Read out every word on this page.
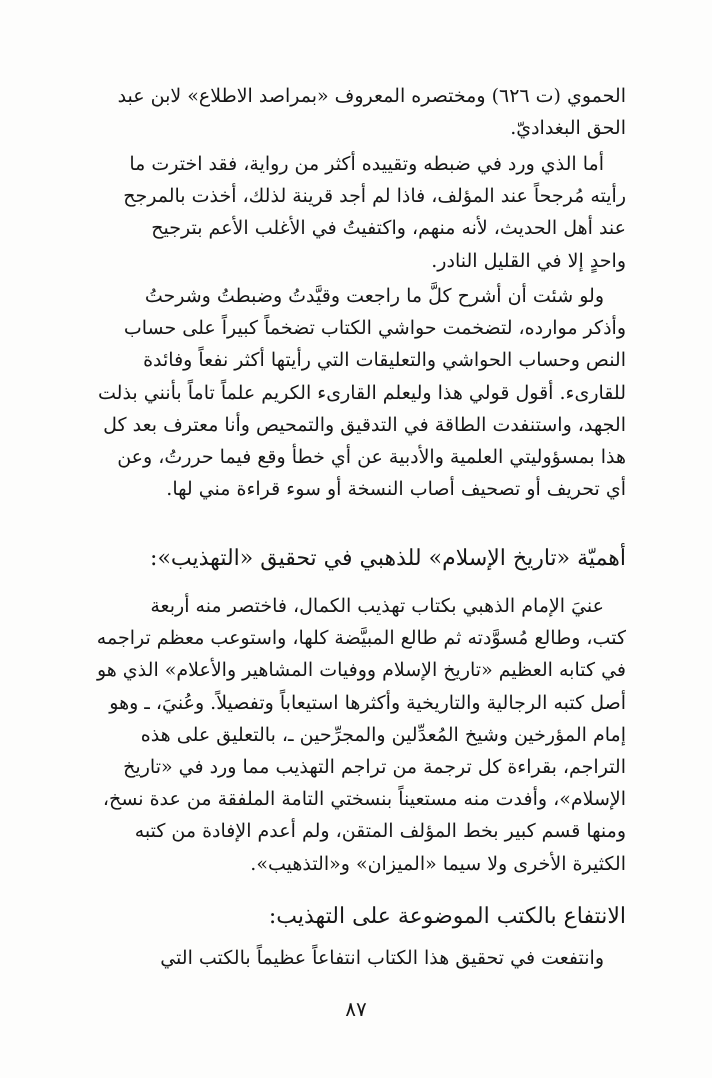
الحموي (ت ٦٢٦) ومختصره المعروف «بمراصد الاطلاع» لابن عبد
الحق البغداديّ.
أما الذي ورد في ضبطه وتقييده أكثر من رواية، فقد اخترت ما
رأيته مُرجحاً عند المؤلف، فاذا لم أجد قرينة لذلك، أخذت بالمرجح
عند أهل الحديث، لأنه منهم، واكتفيتُ في الأغلب الأعم بترجيح
واحدٍ إلا في القليل النادر.
ولو شئت أن أشرح كلَّ ما راجعت وقيَّدتُ وضبطتُ وشرحتُ
وأذكر موارده، لتضخمت حواشي الكتاب تضخماً كبيراً على حساب
النص وحساب الحواشي والتعليقات التي رأيتها أكثر نفعاً وفائدة
للقارىء. أقول قولي هذا وليعلم القارىء الكريم علماً تاماً بأنني بذلت
الجهد، واستنفدت الطاقة في التدقيق والتمحيص وأنا معترف بعد كل
هذا بمسؤوليتي العلمية والأدبية عن أي خطأ وقع فيما حررتُ، وعن
أي تحريف أو تصحيف أصاب النسخة أو سوء قراءة مني لها.
أهميّة «تاريخ الإسلام» للذهبي في تحقيق «التهذيب»:
عنيَ الإمام الذهبي بكتاب تهذيب الكمال، فاختصر منه أربعة
كتب، وطالع مُسوَّدته ثم طالع المبيَّضة كلها، واستوعب معظم تراجمه
في كتابه العظيم «تاريخ الإسلام ووفيات المشاهير والأعلام» الذي هو
أصل كتبه الرجالية والتاريخية وأكثرها استيعاباً وتفصيلاً. وعُنيَ، ـ وهو
إمام المؤرخين وشيخ المُعدِّلين والمجرِّحين ـ، بالتعليق على هذه
التراجم، بقراءة كل ترجمة من تراجم التهذيب مما ورد في «تاريخ
الإسلام»، وأفدت منه مستعيناً بنسختي التامة الملفقة من عدة نسخ،
ومنها قسم كبير بخط المؤلف المتقن، ولم أعدم الإفادة من كتبه
الكثيرة الأخرى ولا سيما «الميزان» و«التذهيب».
الانتفاع بالكتب الموضوعة على التهذيب:
وانتفعت في تحقيق هذا الكتاب انتفاعاً عظيماً بالكتب التي
٨٧
